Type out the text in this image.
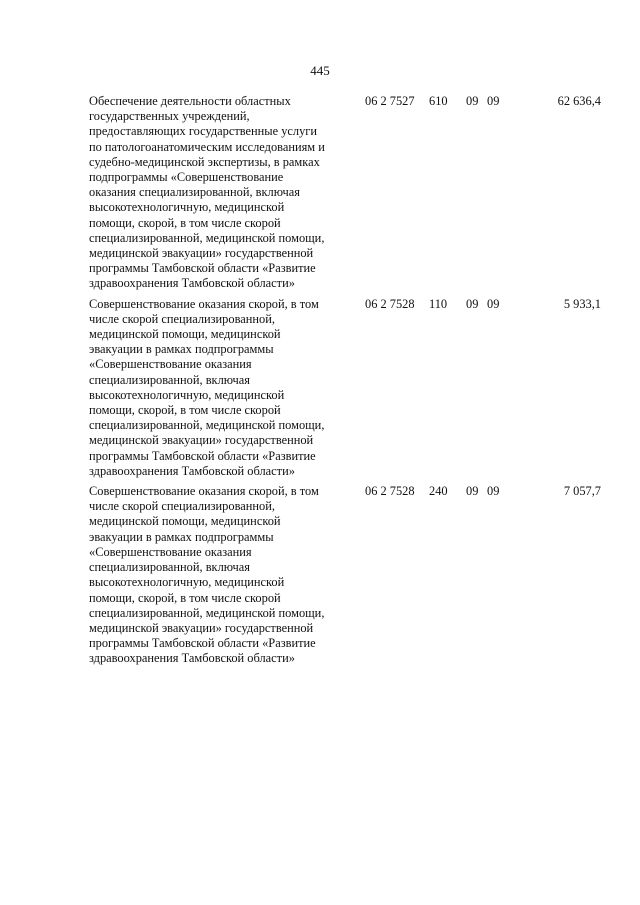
445
Обеспечение деятельности областных
государственных учреждений,
предоставляющих государственные услуги
по патологоанатомическим исследованиям и
судебно-медицинской экспертизы, в рамках
подпрограммы «Совершенствование
оказания специализированной, включая
высокотехнологичную, медицинской
помощи, скорой, в том числе скорой
специализированной, медицинской помощи,
медицинской эвакуации» государственной
программы Тамбовской области «Развитие
здравоохранения Тамбовской области»
06 2 7527 610 09 09	62 636,4
Совершенствование оказания скорой, в том
числе скорой специализированной,
медицинской помощи, медицинской
эвакуации в рамках подпрограммы
«Совершенствование оказания
специализированной, включая
высокотехнологичную, медицинской
помощи, скорой, в том числе скорой
специализированной, медицинской помощи,
медицинской эвакуации» государственной
программы Тамбовской области «Развитие
здравоохранения Тамбовской области»
06 2 7528 110 09 09	5 933,1
Совершенствование оказания скорой, в том
числе скорой специализированной,
медицинской помощи, медицинской
эвакуации в рамках подпрограммы
«Совершенствование оказания
специализированной, включая
высокотехнологичную, медицинской
помощи, скорой, в том числе скорой
специализированной, медицинской помощи,
медицинской эвакуации» государственной
программы Тамбовской области «Развитие
здравоохранения Тамбовской области»
06 2 7528 240 09 09	7 057,7
